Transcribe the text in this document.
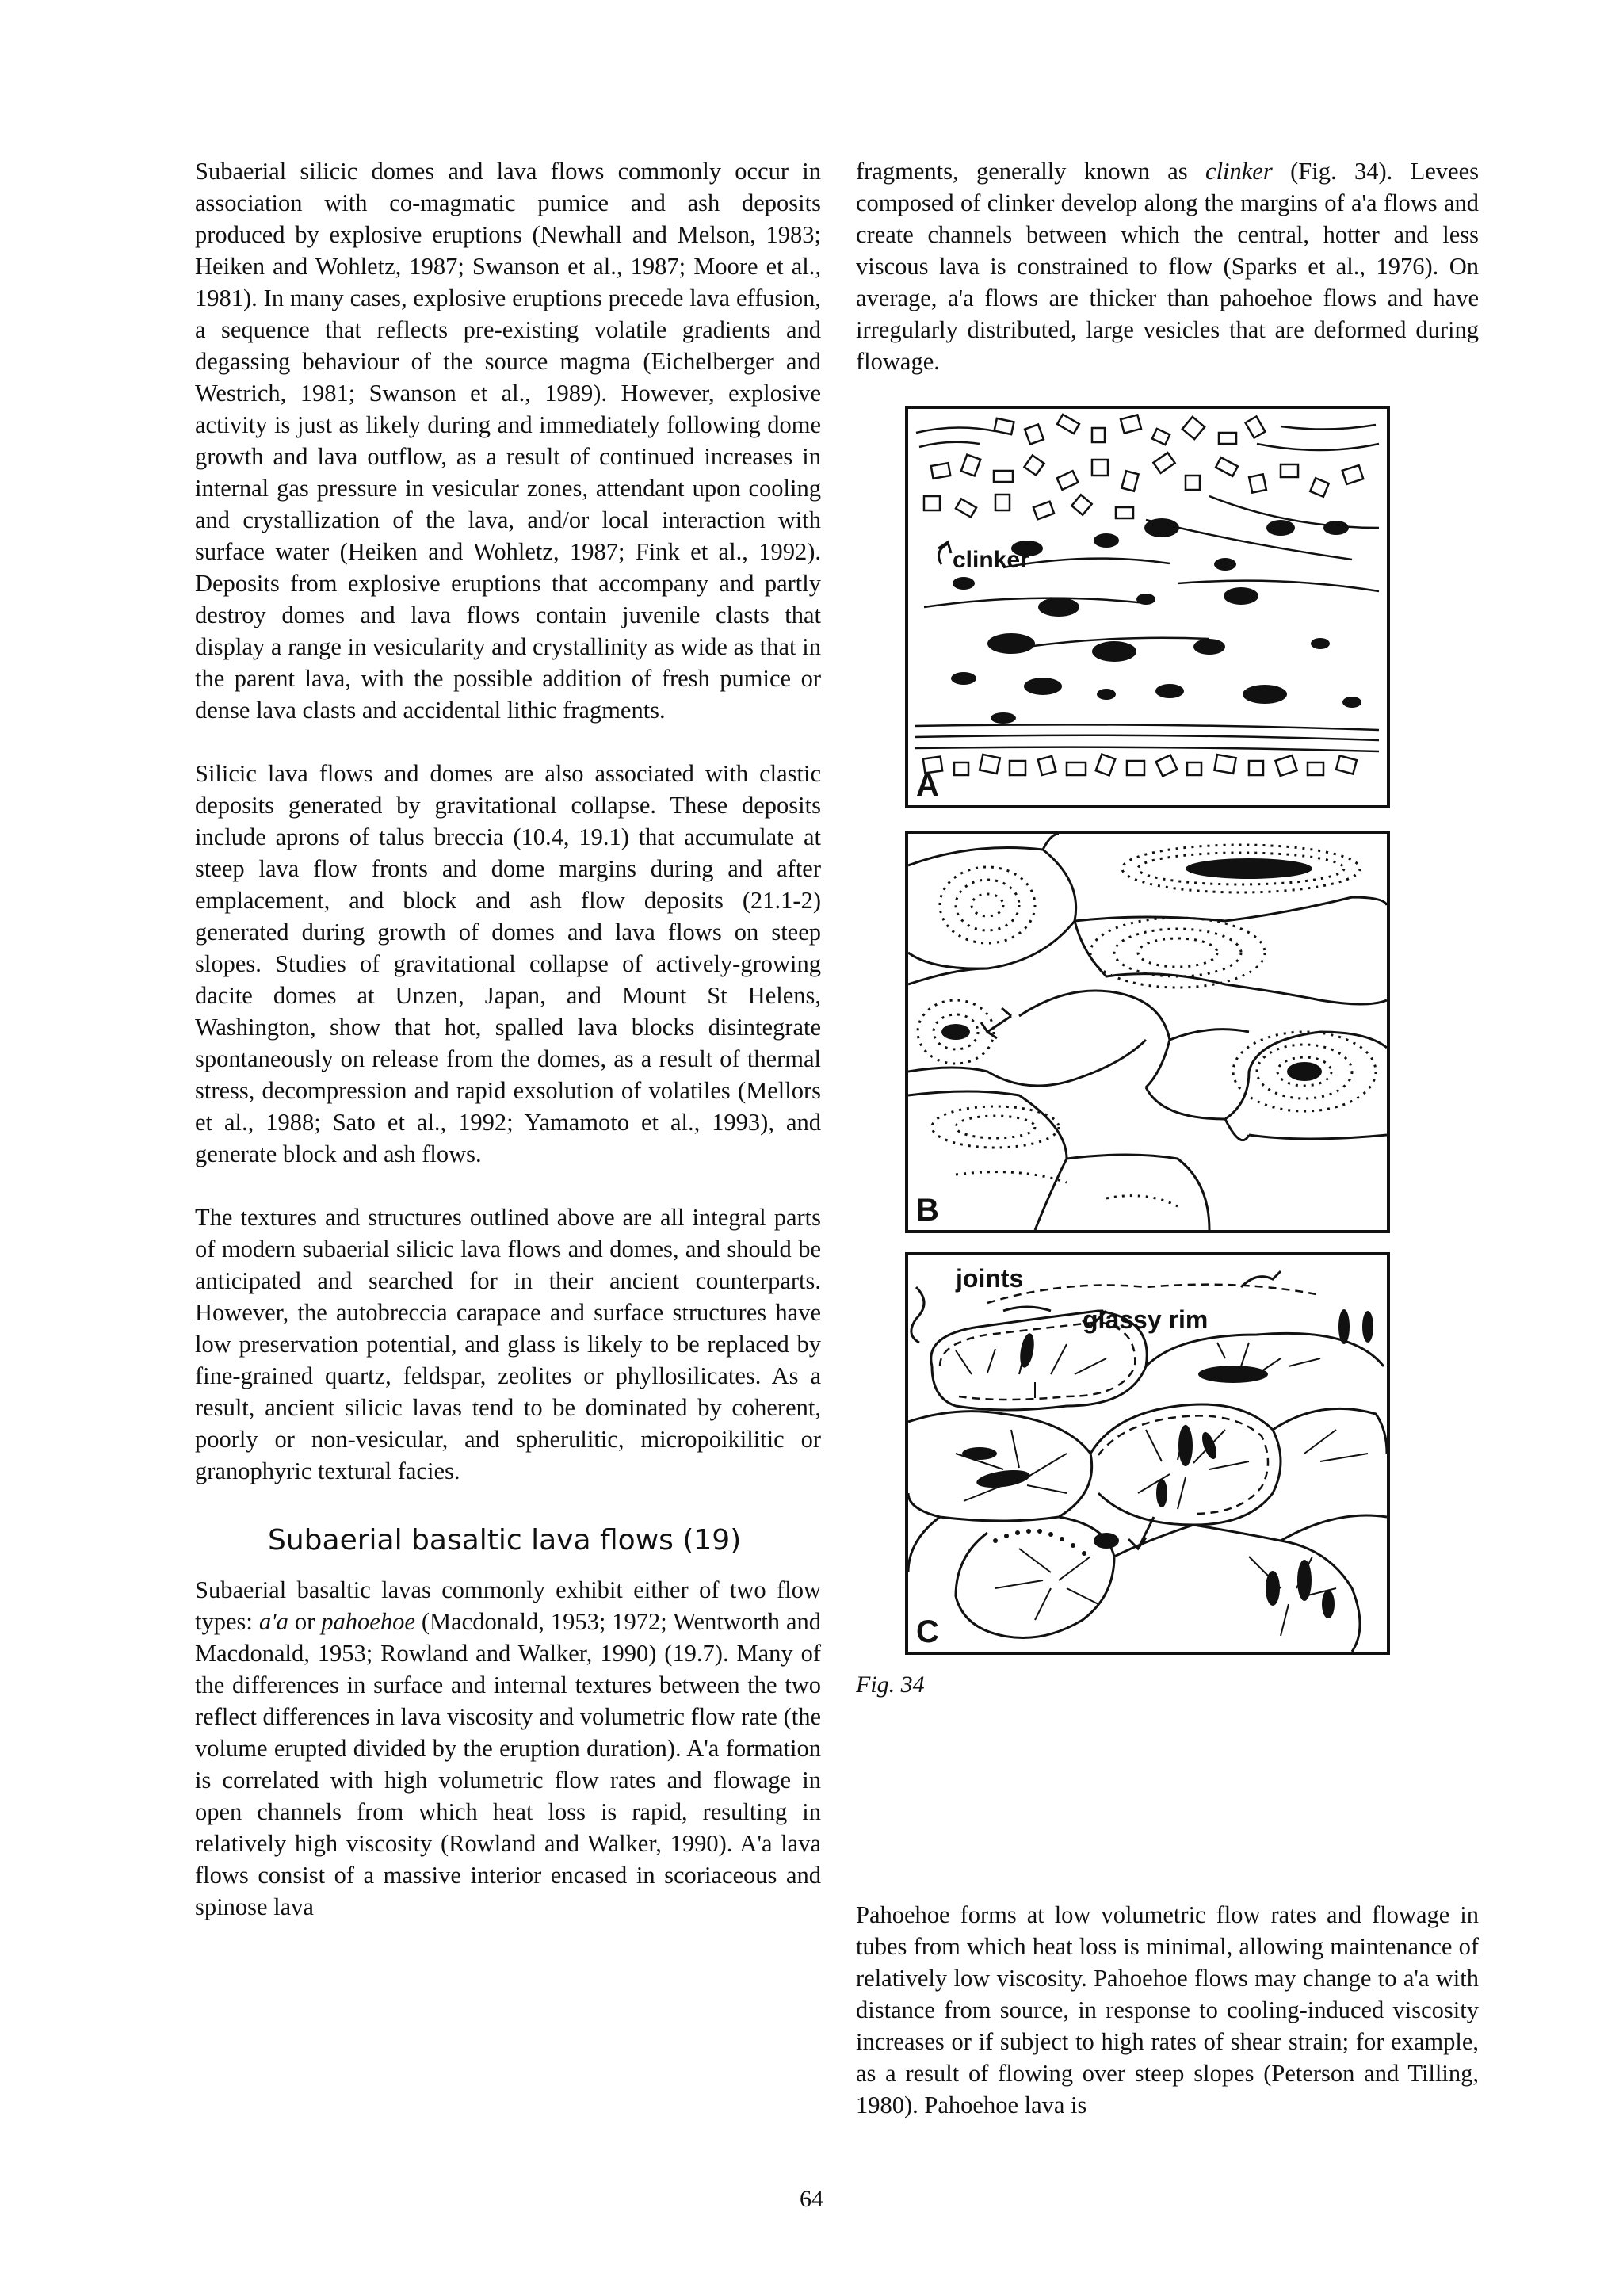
Subaerial silicic domes and lava flows commonly occur in association with co-magmatic pumice and ash deposits produced by explosive eruptions (Newhall and Melson, 1983; Heiken and Wohletz, 1987; Swanson et al., 1987; Moore et al., 1981). In many cases, explosive eruptions precede lava effusion, a sequence that reflects pre-existing volatile gradients and degassing behaviour of the source magma (Eichelberger and Westrich, 1981; Swanson et al., 1989). However, explosive activity is just as likely during and immediately following dome growth and lava outflow, as a result of continued increases in internal gas pressure in vesicular zones, attendant upon cooling and crystallization of the lava, and/or local interaction with surface water (Heiken and Wohletz, 1987; Fink et al., 1992). Deposits from explosive eruptions that accompany and partly destroy domes and lava flows contain juvenile clasts that display a range in vesicularity and crystallinity as wide as that in the parent lava, with the possible addition of fresh pumice or dense lava clasts and accidental lithic fragments.

Silicic lava flows and domes are also associated with clastic deposits generated by gravitational collapse. These deposits include aprons of talus breccia (10.4, 19.1) that accumulate at steep lava flow fronts and dome margins during and after emplacement, and block and ash flow deposits (21.1-2) generated during growth of domes and lava flows on steep slopes. Studies of gravitational collapse of actively-growing dacite domes at Unzen, Japan, and Mount St Helens, Washington, show that hot, spalled lava blocks disintegrate spontaneously on release from the domes, as a result of thermal stress, decompression and rapid exsolution of volatiles (Mellors et al., 1988; Sato et al., 1992; Yamamoto et al., 1993), and generate block and ash flows.

The textures and structures outlined above are all integral parts of modern subaerial silicic lava flows and domes, and should be anticipated and searched for in their ancient counterparts. However, the autobreccia carapace and surface structures have low preservation potential, and glass is likely to be replaced by fine-grained quartz, feldspar, zeolites or phyllosilicates. As a result, ancient silicic lavas tend to be dominated by coherent, poorly or non-vesicular, and spherulitic, micropoikilitic or granophyric textural facies.

Subaerial basaltic lava flows (19)

Subaerial basaltic lavas commonly exhibit either of two flow types: a'a or pahoehoe (Macdonald, 1953; 1972; Wentworth and Macdonald, 1953; Rowland and Walker, 1990) (19.7). Many of the differences in surface and internal textures between the two reflect differences in lava viscosity and volumetric flow rate (the volume erupted divided by the eruption duration). A'a formation is correlated with high volumetric flow rates and flowage in open channels from which heat loss is rapid, resulting in relatively high viscosity (Rowland and Walker, 1990). A'a lava flows consist of a massive interior encased in scoriaceous and spinose lava

fragments, generally known as clinker (Fig. 34). Levees composed of clinker develop along the margins of a'a flows and create channels between which the central, hotter and less viscous lava is constrained to flow (Sparks et al., 1976). On average, a'a flows are thicker than pahoehoe flows and have irregularly distributed, large vesicles that are deformed during flowage.

clinker
A
B
joints
glassy rim
C
Fig. 34

Pahoehoe forms at low volumetric flow rates and flowage in tubes from which heat loss is minimal, allowing maintenance of relatively low viscosity. Pahoehoe flows may change to a'a with distance from source, in response to cooling-induced viscosity increases or if subject to high rates of shear strain; for example, as a result of flowing over steep slopes (Peterson and Tilling, 1980). Pahoehoe lava is

64
